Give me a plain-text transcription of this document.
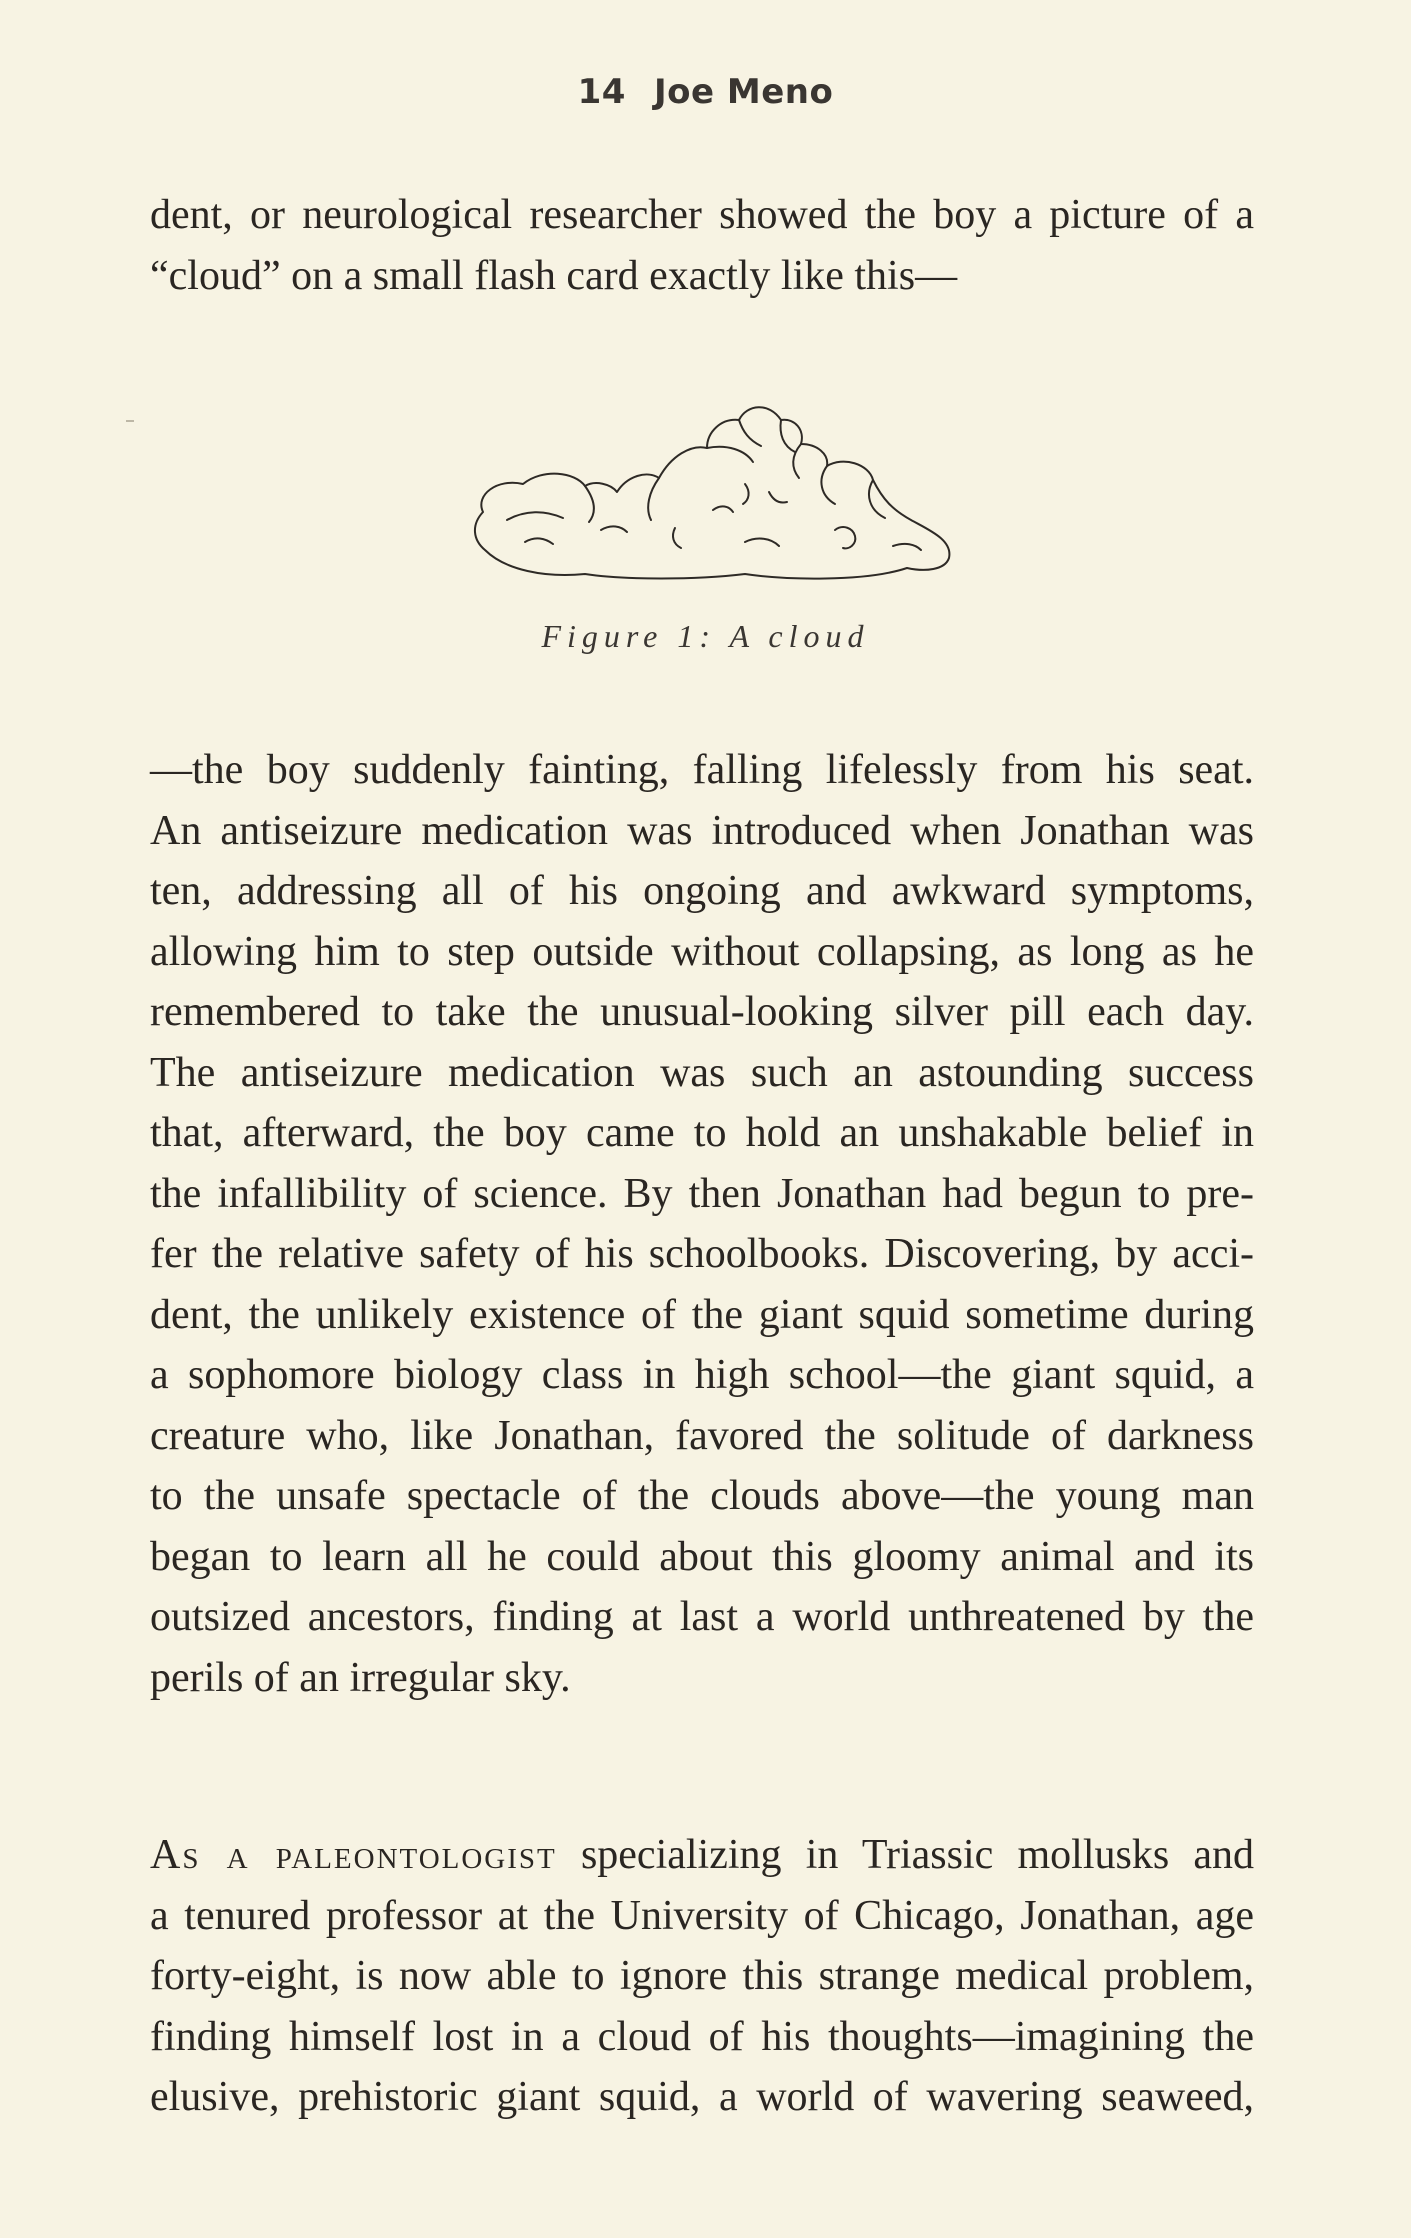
14 Joe Meno
dent, or neurological researcher showed the boy a picture of a
“cloud” on a small flash card exactly like this—
Figure 1: A cloud
—the boy suddenly fainting, falling lifelessly from his seat.
An antiseizure medication was introduced when Jonathan was
ten, addressing all of his ongoing and awkward symptoms,
allowing him to step outside without collapsing, as long as he
remembered to take the unusual-looking silver pill each day.
The antiseizure medication was such an astounding success
that, afterward, the boy came to hold an unshakable belief in
the infallibility of science. By then Jonathan had begun to pre-
fer the relative safety of his schoolbooks. Discovering, by acci-
dent, the unlikely existence of the giant squid sometime during
a sophomore biology class in high school—the giant squid, a
creature who, like Jonathan, favored the solitude of darkness
to the unsafe spectacle of the clouds above—the young man
began to learn all he could about this gloomy animal and its
outsized ancestors, finding at last a world unthreatened by the
perils of an irregular sky.
As a paleontologist specializing in Triassic mollusks and
a tenured professor at the University of Chicago, Jonathan, age
forty-eight, is now able to ignore this strange medical problem,
finding himself lost in a cloud of his thoughts—imagining the
elusive, prehistoric giant squid, a world of wavering seaweed,
